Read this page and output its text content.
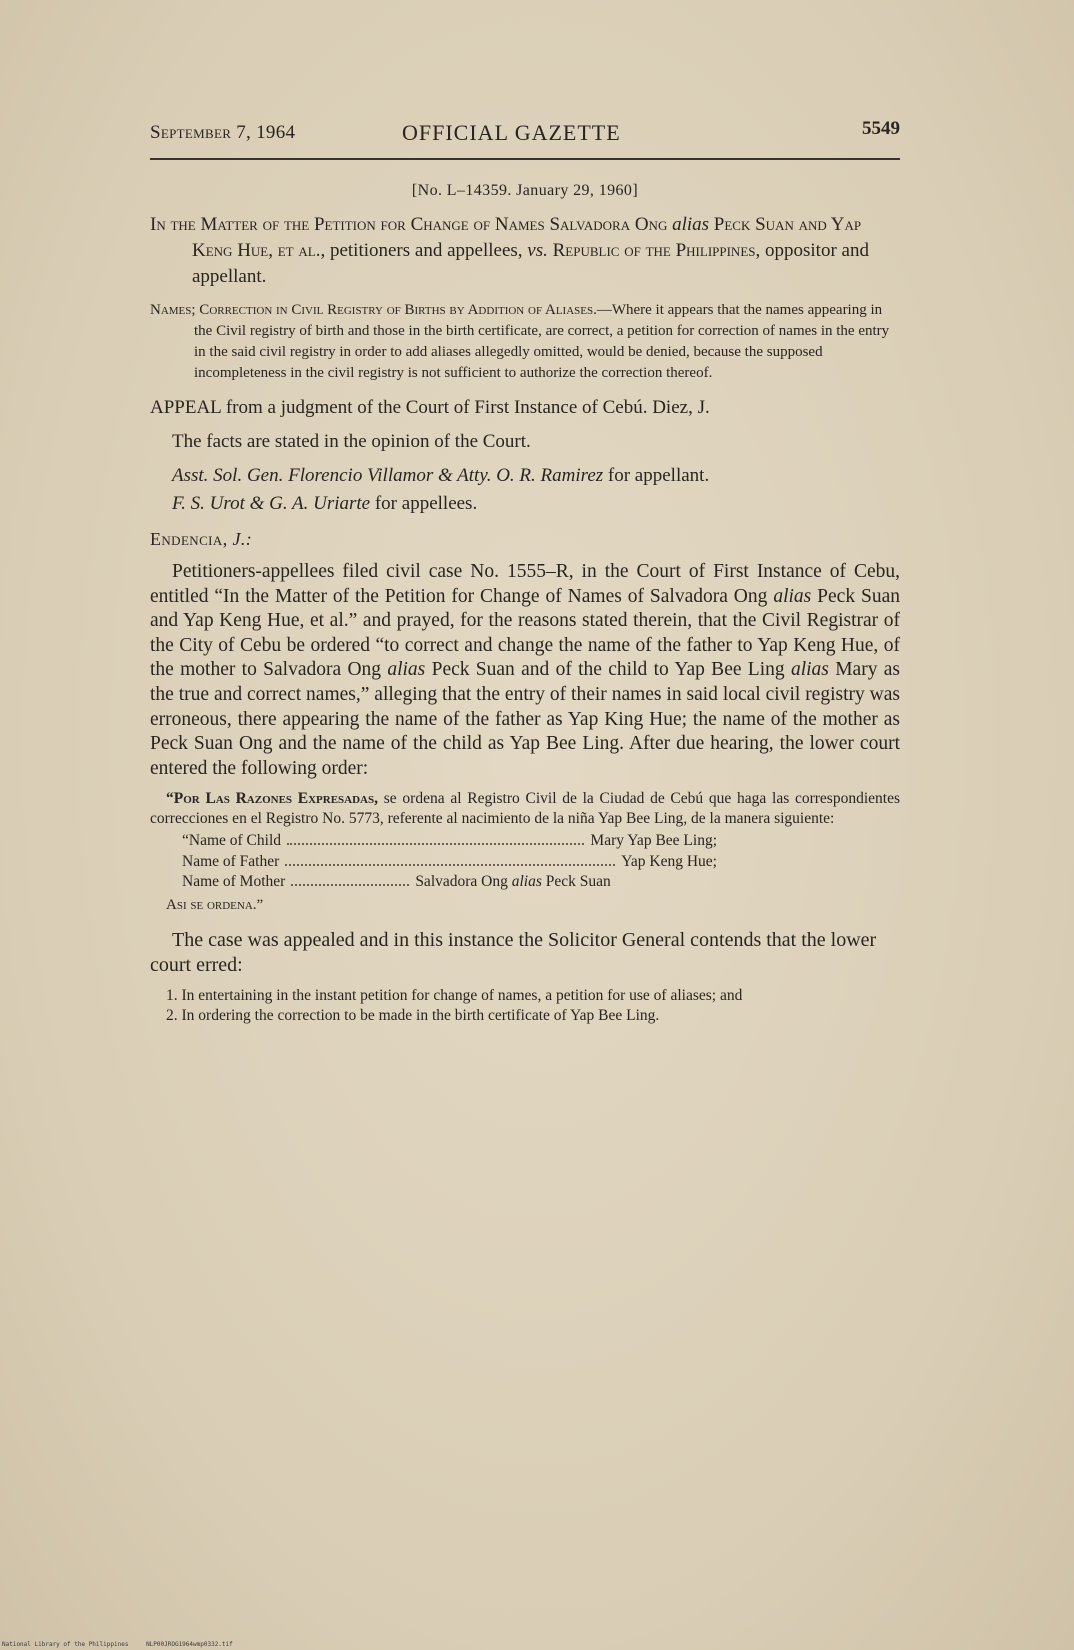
September 7, 1964	OFFICIAL GAZETTE	5549
[No. L–14359. January 29, 1960]
In the Matter of the Petition for Change of Names Salvadora Ong alias Peck Suan and Yap Keng Hue, et al., petitioners and appellees, vs. Republic of the Philippines, oppositor and appellant.
Names; Correction in Civil Registry of Births by Addition of Aliases.—Where it appears that the names appearing in the Civil registry of birth and those in the birth certificate, are correct, a petition for correction of names in the entry in the said civil registry in order to add aliases allegedly omitted, would be denied, because the supposed incompleteness in the civil registry is not sufficient to authorize the correction thereof.
APPEAL from a judgment of the Court of First Instance of Cebú. Diez, J.
The facts are stated in the opinion of the Court.
Asst. Sol. Gen. Florencio Villamor & Atty. O. R. Ramirez for appellant.
F. S. Urot & G. A. Uriarte for appellees.
Endencia, J.:
Petitioners-appellees filed civil case No. 1555–R, in the Court of First Instance of Cebu, entitled “In the Matter of the Petition for Change of Names of Salvadora Ong alias Peck Suan and Yap Keng Hue, et al.” and prayed, for the reasons stated therein, that the Civil Registrar of the City of Cebu be ordered “to correct and change the name of the father to Yap Keng Hue, of the mother to Salvadora Ong alias Peck Suan and of the child to Yap Bee Ling alias Mary as the true and correct names,” alleging that the entry of their names in said local civil registry was erroneous, there appearing the name of the father as Yap King Hue; the name of the mother as Peck Suan Ong and the name of the child as Yap Bee Ling. After due hearing, the lower court entered the following order:
“Por Las Razones Expresadas, se ordena al Registro Civil de la Ciudad de Cebú que haga las correspondientes correcciones en el Registro No. 5773, referente al nacimiento de la niña Yap Bee Ling, de la manera siguiente:
“Name of Child	Mary Yap Bee Ling;
Name of Father	Yap Keng Hue;
Name of Mother	Salvadora Ong alias Peck Suan
Asi se ordena.”
The case was appealed and in this instance the Solicitor General contends that the lower court erred:

1. In entertaining in the instant petition for change of names, a petition for use of aliases; and

2. In ordering the correction to be made in the birth certificate of Yap Bee Ling.

National Library of the Philippines	NLP00JROG1964wmp0332.tif
